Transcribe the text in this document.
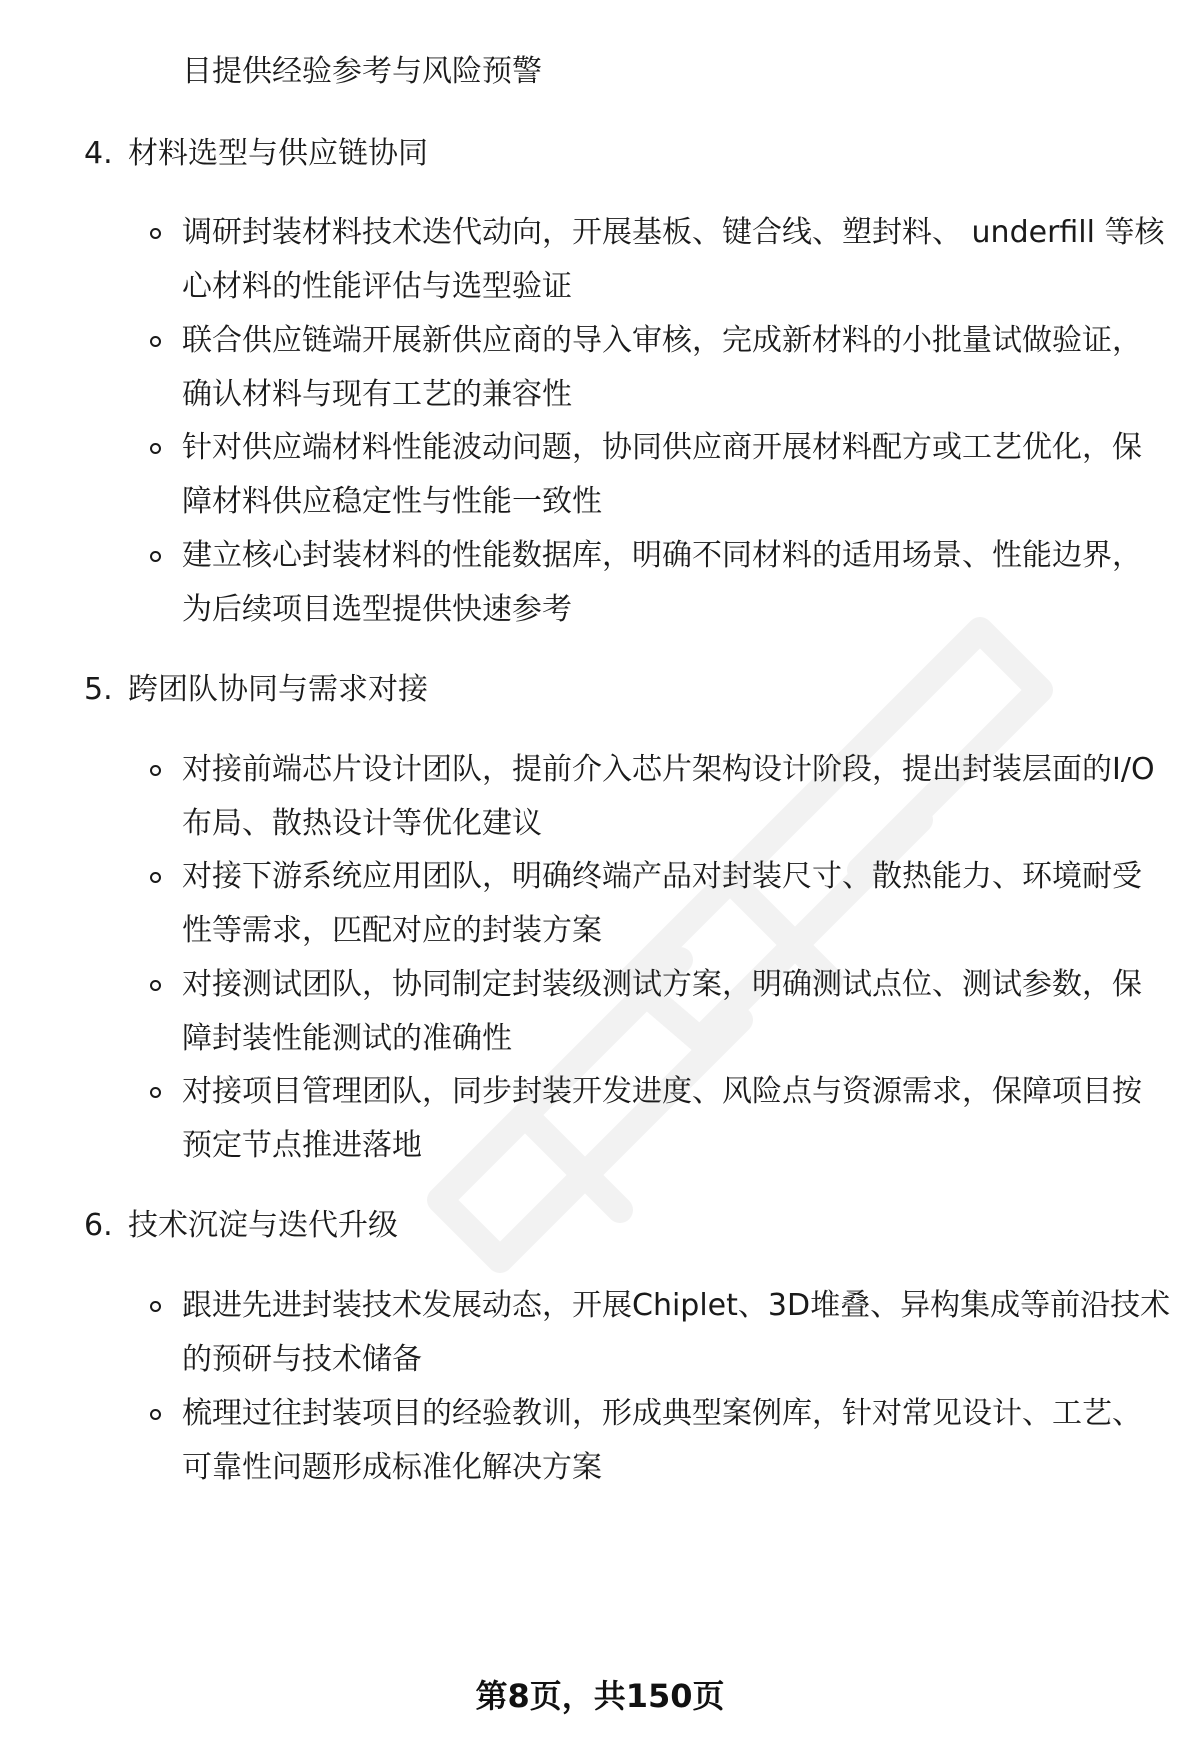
目提供经验参考与风险预警
4. 材料选型与供应链协同
调研封装材料技术迭代动向，开展基板、键合线、塑封料、 underfill 等核
心材料的性能评估与选型验证
联合供应链端开展新供应商的导入审核，完成新材料的小批量试做验证，
确认材料与现有工艺的兼容性
针对供应端材料性能波动问题，协同供应商开展材料配方或工艺优化，保
障材料供应稳定性与性能一致性
建立核心封装材料的性能数据库，明确不同材料的适用场景、性能边界，
为后续项目选型提供快速参考
5. 跨团队协同与需求对接
对接前端芯片设计团队，提前介入芯片架构设计阶段，提出封装层面的I/O
布局、散热设计等优化建议
对接下游系统应用团队，明确终端产品对封装尺寸、散热能力、环境耐受
性等需求，匹配对应的封装方案
对接测试团队，协同制定封装级测试方案，明确测试点位、测试参数，保
障封装性能测试的准确性
对接项目管理团队，同步封装开发进度、风险点与资源需求，保障项目按
预定节点推进落地
6. 技术沉淀与迭代升级
跟进先进封装技术发展动态，开展Chiplet、3D堆叠、异构集成等前沿技术
的预研与技术储备
梳理过往封装项目的经验教训，形成典型案例库，针对常见设计、工艺、
可靠性问题形成标准化解决方案
第8页，共150页
